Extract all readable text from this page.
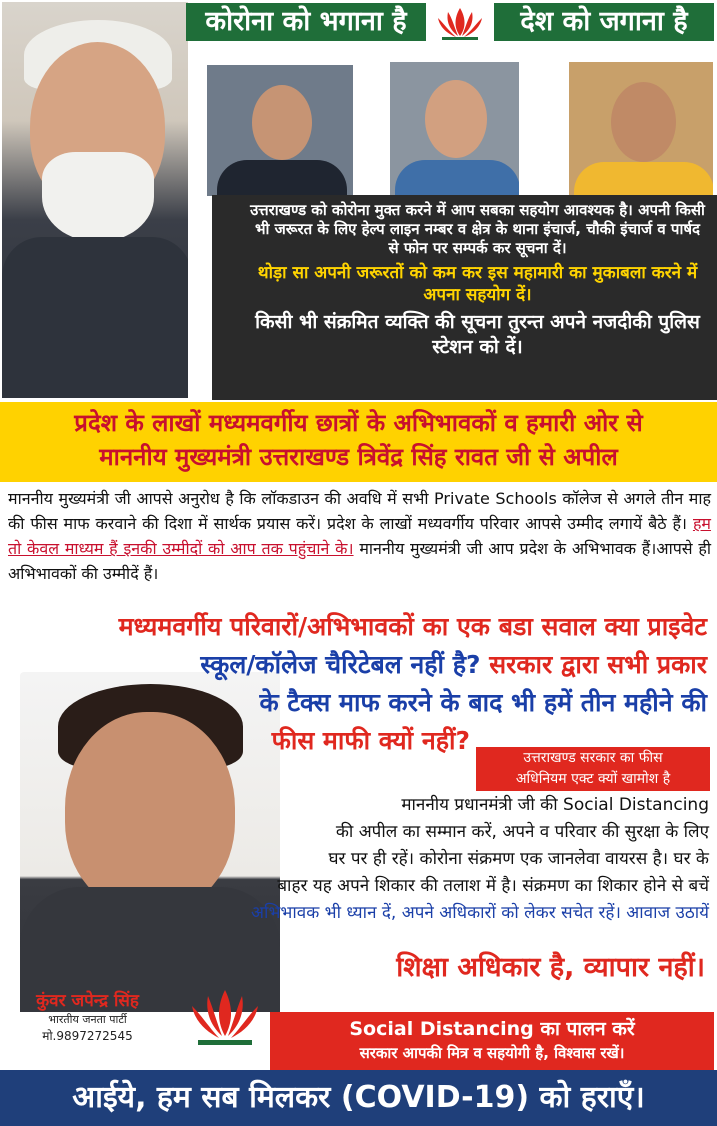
कोरोना को भगाना है	देश को जगाना है

उत्तराखण्ड को कोरोना मुक्त करने में आप सबका सहयोग आवश्यक है। अपनी किसी भी जरूरत के लिए हेल्प लाइन नम्बर व क्षेत्र के थाना इंचार्ज, चौकी इंचार्ज व पार्षद से फोन पर सम्पर्क कर सूचना दें।

थोड़ा सा अपनी जरूरतों को कम कर इस महामारी का मुकाबला करने में अपना सहयोग दें।

किसी भी संक्रमित व्यक्ति की सूचना तुरन्त अपने नजदीकी पुलिस स्टेशन को दें।

प्रदेश के लाखों मध्यमवर्गीय छात्रों के अभिभावकों व हमारी ओर से

माननीय मुख्यमंत्री उत्तराखण्ड त्रिवेंद्र सिंह रावत जी से अपील

माननीय मुख्यमंत्री जी आपसे अनुरोध है कि लॉकडाउन की अवधि में सभी Private Schools कॉलेज से अगले तीन माह की फीस माफ करवाने की दिशा में सार्थक प्रयास करें। प्रदेश के लाखों मध्यवर्गीय परिवार आपसे उम्मीद लगायें बैठे हैं। हम तो केवल माध्यम हैं इनकी उम्मीदों को आप तक पहुंचाने के। माननीय मुख्यमंत्री जी आप प्रदेश के अभिभावक हैं।आपसे ही अभिभावकों की उम्मीदें हैं।

मध्यमवर्गीय परिवारों/अभिभावकों का एक बडा सवाल क्या प्राइवेट

स्कूल/कॉलेज चैरिटेबल नहीं है? सरकार द्वारा सभी प्रकार

के टैक्स माफ करने के बाद भी हमें तीन महीने की

फीस माफी क्यों नहीं?

उत्तराखण्ड सरकार का फीस
अधिनियम एक्ट क्यों खामोश है

माननीय प्रधानमंत्री जी की Social Distancing

की अपील का सम्मान करें, अपने व परिवार की सुरक्षा के लिए

घर पर ही रहें। कोरोना संक्रमण एक जानलेवा वायरस है। घर के

बाहर यह अपने शिकार की तलाश में है। संक्रमण का शिकार होने से बचें

अभिभावक भी ध्यान दें, अपने अधिकारों को लेकर सचेत रहें। आवाज उठायें

शिक्षा अधिकार है, व्यापार नहीं।
कुंवर जपेन्द्र सिंह
भारतीय जनता पार्टी
मो.9897272545	Social Distancing का पालन करें

सरकार आपकी मित्र व सहयोगी है, विश्वास रखें।

आईये, हम सब मिलकर (COVID-19) को हराएँ।
